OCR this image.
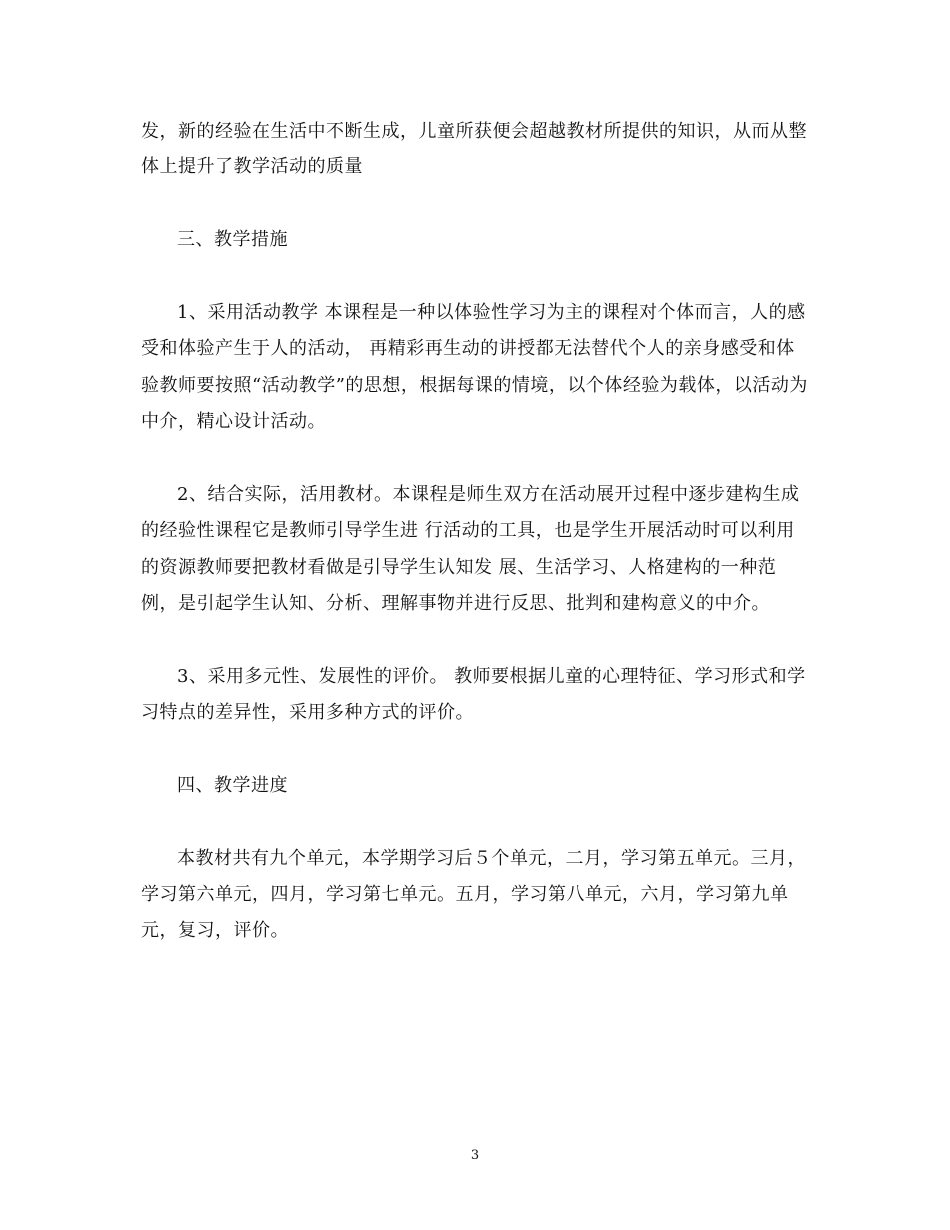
发，新的经验在生活中不断生成，儿童所获便会超越教材所提供的知识，从而从整
体上提升了教学活动的质量
三、教学措施
1、采用活动教学 本课程是一种以体验性学习为主的课程对个体而言，人的感
受和体验产生于人的活动， 再精彩再生动的讲授都无法替代个人的亲身感受和体
验教师要按照“活动教学”的思想，根据每课的情境，以个体经验为载体，以活动为
中介，精心设计活动。
2、结合实际，活用教材。本课程是师生双方在活动展开过程中逐步建构生成
的经验性课程它是教师引导学生进 行活动的工具，也是学生开展活动时可以利用
的资源教师要把教材看做是引导学生认知发 展、生活学习、人格建构的一种范
例，是引起学生认知、分析、理解事物并进行反思、批判和建构意义的中介。
3、采用多元性、发展性的评价。 教师要根据儿童的心理特征、学习形式和学
习特点的差异性，采用多种方式的评价。
四、教学进度
本教材共有九个单元，本学期学习后５个单元，二月，学习第五单元。三月，
学习第六单元，四月，学习第七单元。五月，学习第八单元，六月，学习第九单
元，复习，评价。
3
